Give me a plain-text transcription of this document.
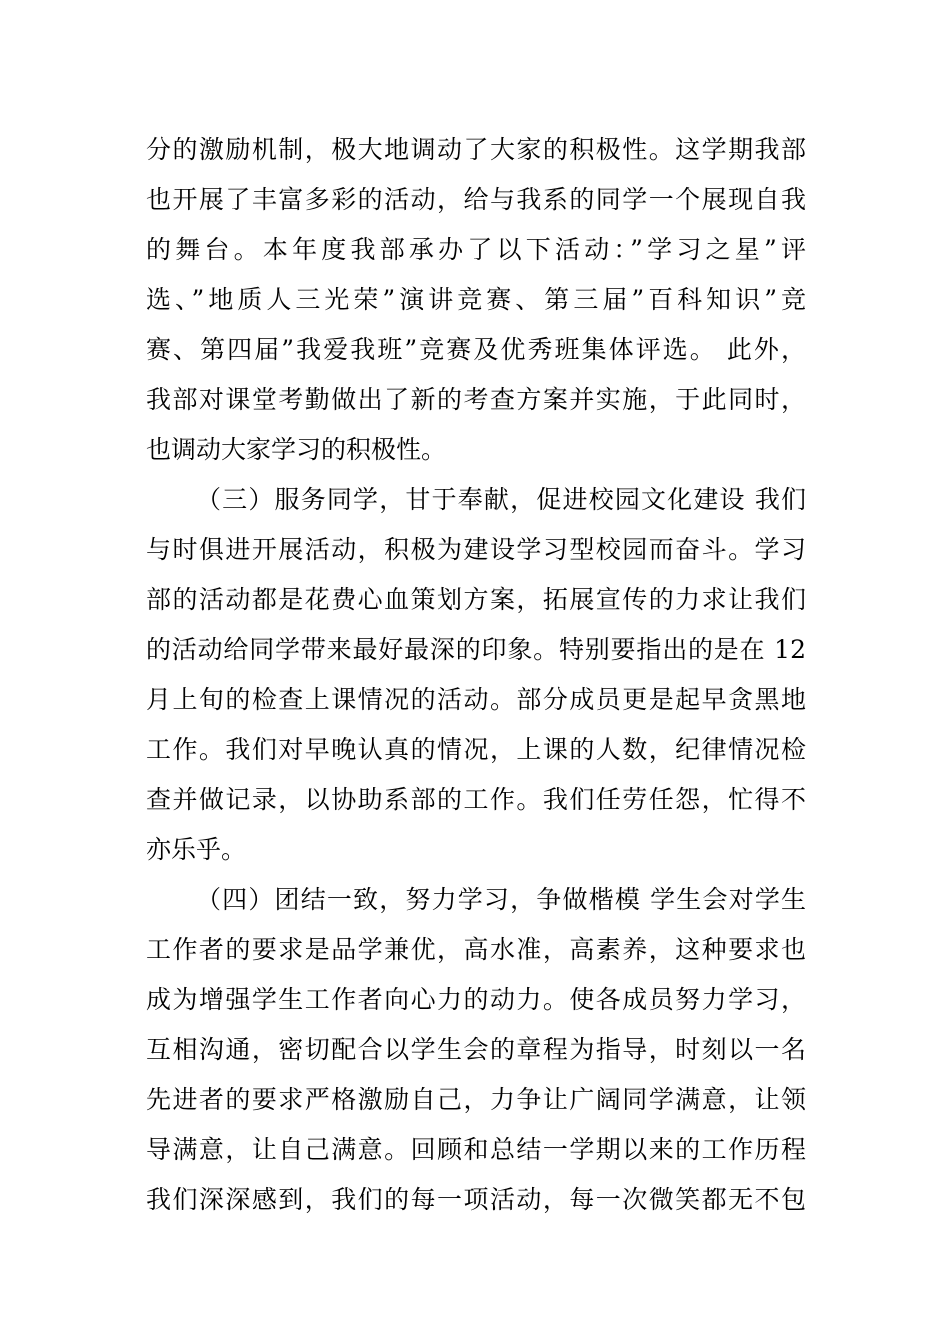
分的激励机制，极大地调动了大家的积极性。这学期我部
也开展了丰富多彩的活动，给与我系的同学一个展现自我
的舞台。本年度我部承办了以下活动：”学习之星”评
选、”地质人三光荣”演讲竞赛、第三届”百科知识”竞
赛、第四届”我爱我班”竞赛及优秀班集体评选。 此外，
我部对课堂考勤做出了新的考查方案并实施，于此同时，
也调动大家学习的积极性。
（三）服务同学，甘于奉献，促进校园文化建设 我们
与时俱进开展活动，积极为建设学习型校园而奋斗。学习
部的活动都是花费心血策划方案，拓展宣传的力求让我们
的活动给同学带来最好最深的印象。特别要指出的是在 12
月上旬的检查上课情况的活动。部分成员更是起早贪黑地
工作。我们对早晚认真的情况，上课的人数，纪律情况检
查并做记录，以协助系部的工作。我们任劳任怨，忙得不
亦乐乎。
（四）团结一致，努力学习，争做楷模 学生会对学生
工作者的要求是品学兼优，高水准，高素养，这种要求也
成为增强学生工作者向心力的动力。使各成员努力学习，
互相沟通，密切配合以学生会的章程为指导，时刻以一名
先进者的要求严格激励自己，力争让广阔同学满意，让领
导满意，让自己满意。回顾和总结一学期以来的工作历程
我们深深感到，我们的每一项活动，每一次微笑都无不包
